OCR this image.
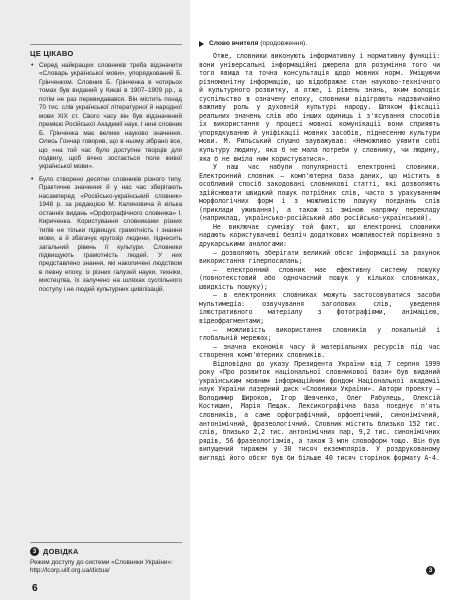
ЦЕ ЦІКАВО
• Серед найкращих словників треба відзначити «Словарь української мови», упорядкований Б. Грінченком. Словник Б. Грінченка в чотирьох томах був виданий у Києві в 1907–1909 рр., а потім не раз перевидавався. Він містить понад 70 тис. слів української літературної й народної мови XIX ст. Свого часу він був відзначений премією Російської Академії наук. І нині словник Б. Грінченка має велике науково значення. Олесь Гончар говорив, що в ньому зібрано все, що «на той час було доступне творців для подвигу, щоб вічно зостається поле живої української мови».
• Було створено десятки словників різного типу. Практичне значення й у нас час зберігають насамперед «Російсько-український словник» 1948 р. за редакцією М. Калиновича й кілька останніх видань «Орфографічного словника» І. Кириченка. Користування словниками різних типів не тільки підвищує грамотність і знання мови, а й збагачує кругозір людини, піднесить загальний рівень її культури. Словники підвищують грамотність людей. У них представлено знання, які накопичені людством в певну епоху, із різних галузей науки, техніки, мистецтва, їх залучено на шляхах суспільного поступу і не людей культурних цивілізацій.
3 ДОВІДКА
Режим доступу до системи «Словники України»: http://lcorp.ulif.org.ua/dictua/
6
Слово вчителя (продовження).

Отже, словники виконують інформативну і нормативну функції: вони універсальні інформаційні джерела для розуміння того чи того явища та точна консультація щодо мовних норм. Уміщуючи різноманітну інформацію, що відображає стан науково-технічного й культурного розвитку, а отже, і рівень знань, яким володіє суспільство в означену епоху, словники відіграють надзвичайно важливу роль у духовній культурі народу. Шляхом фіксації реальних значень слів або інших одиниць і з'ясування способів їх використання у процесі мовної комунікації вони сприяють упорядкуванню й уніфікації мовних засобів, піднесенню культури мови. М. Рильський слушно зауважував: «Неможливо уявити собі культуру людину, яка б не мала потреби у словнику, чи людину, яка б не вміла ним користуватися».

У наш час набули популярності електронні словники. Електронний словник — комп'ютерна база даних, що містить в особливий спосіб закодовані словникові статті, які дозволяють здійснювати швидкий пошук потрібних слів, часто з урахуванням морфологічних форм і з можливістю пошуку поєднань слів (приклади уживання), а також зі зміною напряму перекладу (наприклад, українсько-російський або російсько-український).

Не виключає сумніву той факт, що електронні словники надають користувачеві безліч додаткових можливостей порівняно з друкарськими аналогами:

— дозволяють зберігати великий обсяг інформації за рахунок використання гіперпосилань;

— електронний словник має ефективну систему пошуку (повнотекстовий або одночасний пошук у кількох словниках, швидкість пошуку);

— в електронних словниках можуть застосовуватися засоби мультимедіа: озвучування заголових слів, уведення ілюстративного матеріалу з фотографіями, анімацією, відеофрагментами;

— можливість використання словників у локальній і глобальній мережах;

— значна економія часу й матеріальних ресурсів під час створення комп'ютерних словників.

Відповідно до указу Президента України від 7 серпня 1999 року «Про розвиток національної словникової бази» був виданий українським мовним інформаційним фондом Національної академії наук України лазерний диск «Словники України». Автори проекту — Володимир Широков, Ігор Шевченко, Олег Рабулець, Олексій Костишин, Марія Пещак. Лексикографічна база поєднує п'ять словників, а саме орфографічний, орфоепічний, синонімічний, антонімічний, фразеологічний. Словник містить близько 152 тис. слів, близько 2,2 тис. антонімічних пар, 9,2 тис. синонімічних рядів, 56 фразеологізмів, а також 3 млн словоформ тощо. Він був випущений тиражем у 30 тисяч екземплярів. У роздрукованому вигляді його обсяг був би більше 40 тисяч сторінок формату А-4.

3
